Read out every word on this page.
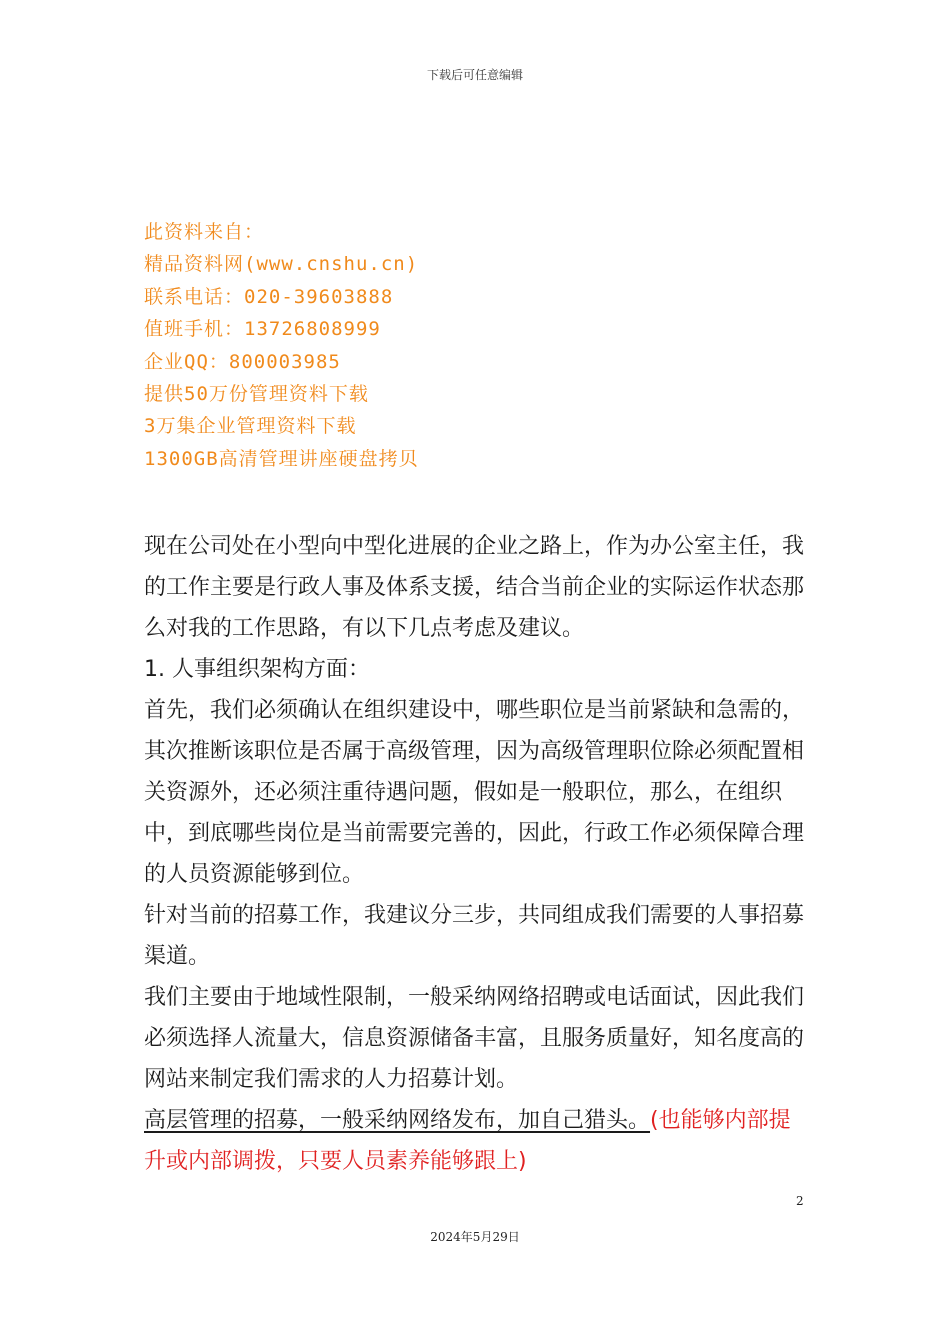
下载后可任意编辑
此资料来自：
精品资料网(www.cnshu.cn)
联系电话：020-39603888
值班手机：13726808999
企业QQ：800003985
提供50万份管理资料下载
3万集企业管理资料下载
1300GB高清管理讲座硬盘拷贝

现在公司处在小型向中型化进展的企业之路上，作为办公室主任，我的工作主要是行政人事及体系支援，结合当前企业的实际运作状态那么对我的工作思路，有以下几点考虑及建议。

1. 人事组织架构方面：

首先，我们必须确认在组织建设中，哪些职位是当前紧缺和急需的，其次推断该职位是否属于高级管理，因为高级管理职位除必须配置相关资源外，还必须注重待遇问题，假如是一般职位，那么，在组织中，到底哪些岗位是当前需要完善的，因此，行政工作必须保障合理的人员资源能够到位。

针对当前的招募工作，我建议分三步，共同组成我们需要的人事招募渠道。

我们主要由于地域性限制，一般采纳网络招聘或电话面试，因此我们必须选择人流量大，信息资源储备丰富，且服务质量好，知名度高的网站来制定我们需求的人力招募计划。

高层管理的招募，一般采纳网络发布，加自己猎头。(也能够内部提升或内部调拨，只要人员素养能够跟上)

2
2024年5月29日
